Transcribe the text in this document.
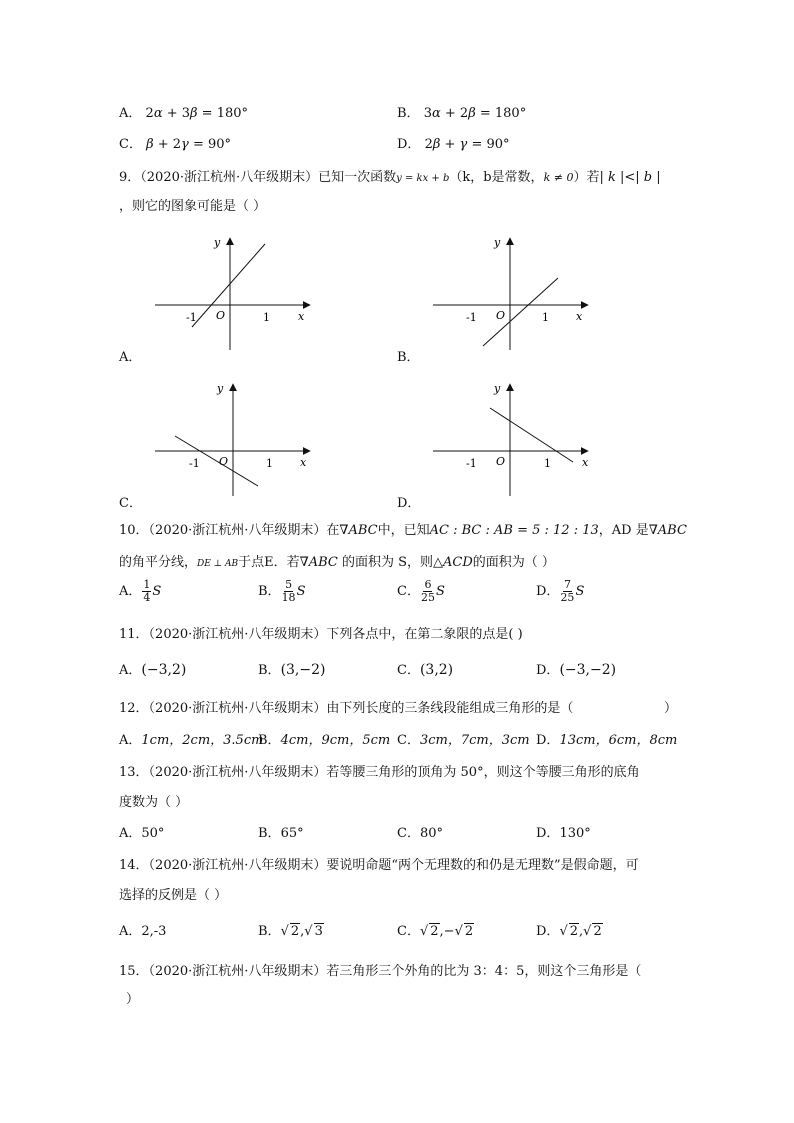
A． 2α + 3β = 180°	B． 3α + 2β = 180°
C． β + 2γ = 90°	D． 2β + γ = 90°
9．（2020·浙江杭州·八年级期末）已知一次函数y = kx + b（k，b是常数，k ≠ 0）若| k |<| b |
，则它的图象可能是（ ）
y
x
-1 O	1
A．
y
x
-1 O	1
B．
y
x
-1 O	1
C．
y
x
-1 O	1
D．
10．（2020·浙江杭州·八年级期末）在∇ABC中，已知AC : BC : AB = 5 : 12 : 13，AD 是∇ABC
的角平分线，DE ⊥ AB于点E．若∇ABC 的面积为 S，则△ACD的面积为（ ）
A． $\frac{1}{4}$ S	B． $\frac{5}{18}$ S	C． $\frac{6}{25}$ S	D． $\frac{7}{25}$ S
11．（2020·浙江杭州·八年级期末）下列各点中，在第二象限的点是( )
A．(−3,2)	B．(3,−2)	C．(3,2)	D．(−3,−2)
12．（2020·浙江杭州·八年级期末）由下列长度的三条线段能组成三角形的是（	）
A．1cm，2cm，3.5cm
B．4cm，9cm，5cm C．3cm，7cm，3cm D．13cm，6cm，8cm
13．（2020·浙江杭州·八年级期末）若等腰三角形的顶角为 50°，则这个等腰三角形的底角
度数为（ ）
A．50°	B．65°	C．80°	D．130°
14．（2020·浙江杭州·八年级期末）要说明命题“两个无理数的和仍是无理数”是假命题，可
选择的反例是（ ）
A．2,-3	B．√ 2,√ 3	C．√ 2,−√ 2	D．√ 2,√ 2
15．（2020·浙江杭州·八年级期末）若三角形三个外角的比为 3：4：5，则这个三角形是（
）
